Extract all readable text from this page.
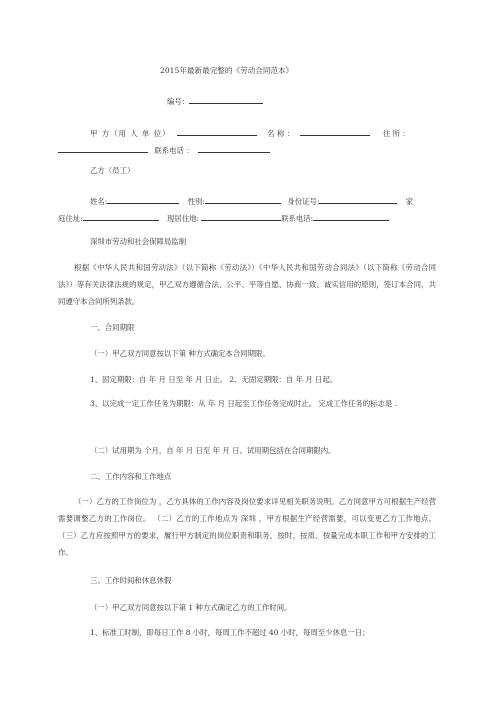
2015年最新最完整的《劳动合同范本》
编号：
甲 方（用 人 单 位）	名 称 ：	住 所 ：
联系电话 ：
乙方（员工）
姓名:	性别:	身份证号:	家
庭住址:	现居住地:	联系电话:
深圳市劳动和社会保障局监制
根据《中华人民共和国劳动法》（以下简称《劳动法》）《中华人民共和国劳动合同法》（以下简称《劳动合同法》）等有关法律法规的规定，甲乙双方遵循合法、公平、平等自愿、协商一致、诚实信用的原则，签订本合同，共同遵守本合同所列条款。
一、合同期限
（一）甲乙双方同意按以下第 种方式确定本合同期限。
1、固定期限：自 年 月 日至 年 月 日止。 2、无固定期限：自 年 月 日起。
3、以完成一定工作任务为期限：从 年 月 日起至工作任务完成时止。 完成工作任务的标志是 .
（二）试用期为 个月，自 年 月 日至 年 月 日。试用期包括在合同期限内。
二、工作内容和工作地点
（一）乙方的工作岗位为 ，乙方具体的工作内容及岗位要求详见相关职务说明。乙方同意甲方可根据生产经营需要调整乙方的工作岗位。 （二）乙方的工作地点为 深圳 ，甲方根据生产经营需要，可以变更乙方工作地点。 （三）乙方应按照甲方的要求，履行甲方制定的岗位职责和职务，按时、按质、按量完成本职工作和甲方安排的工作。
三、工作时间和休息休假
（一）甲乙双方同意按以下第 1 种方式确定乙方的工作时间。
1、标准工时制，即每日工作 8 小时，每周工作不超过 40 小时，每周至少休息一日；
